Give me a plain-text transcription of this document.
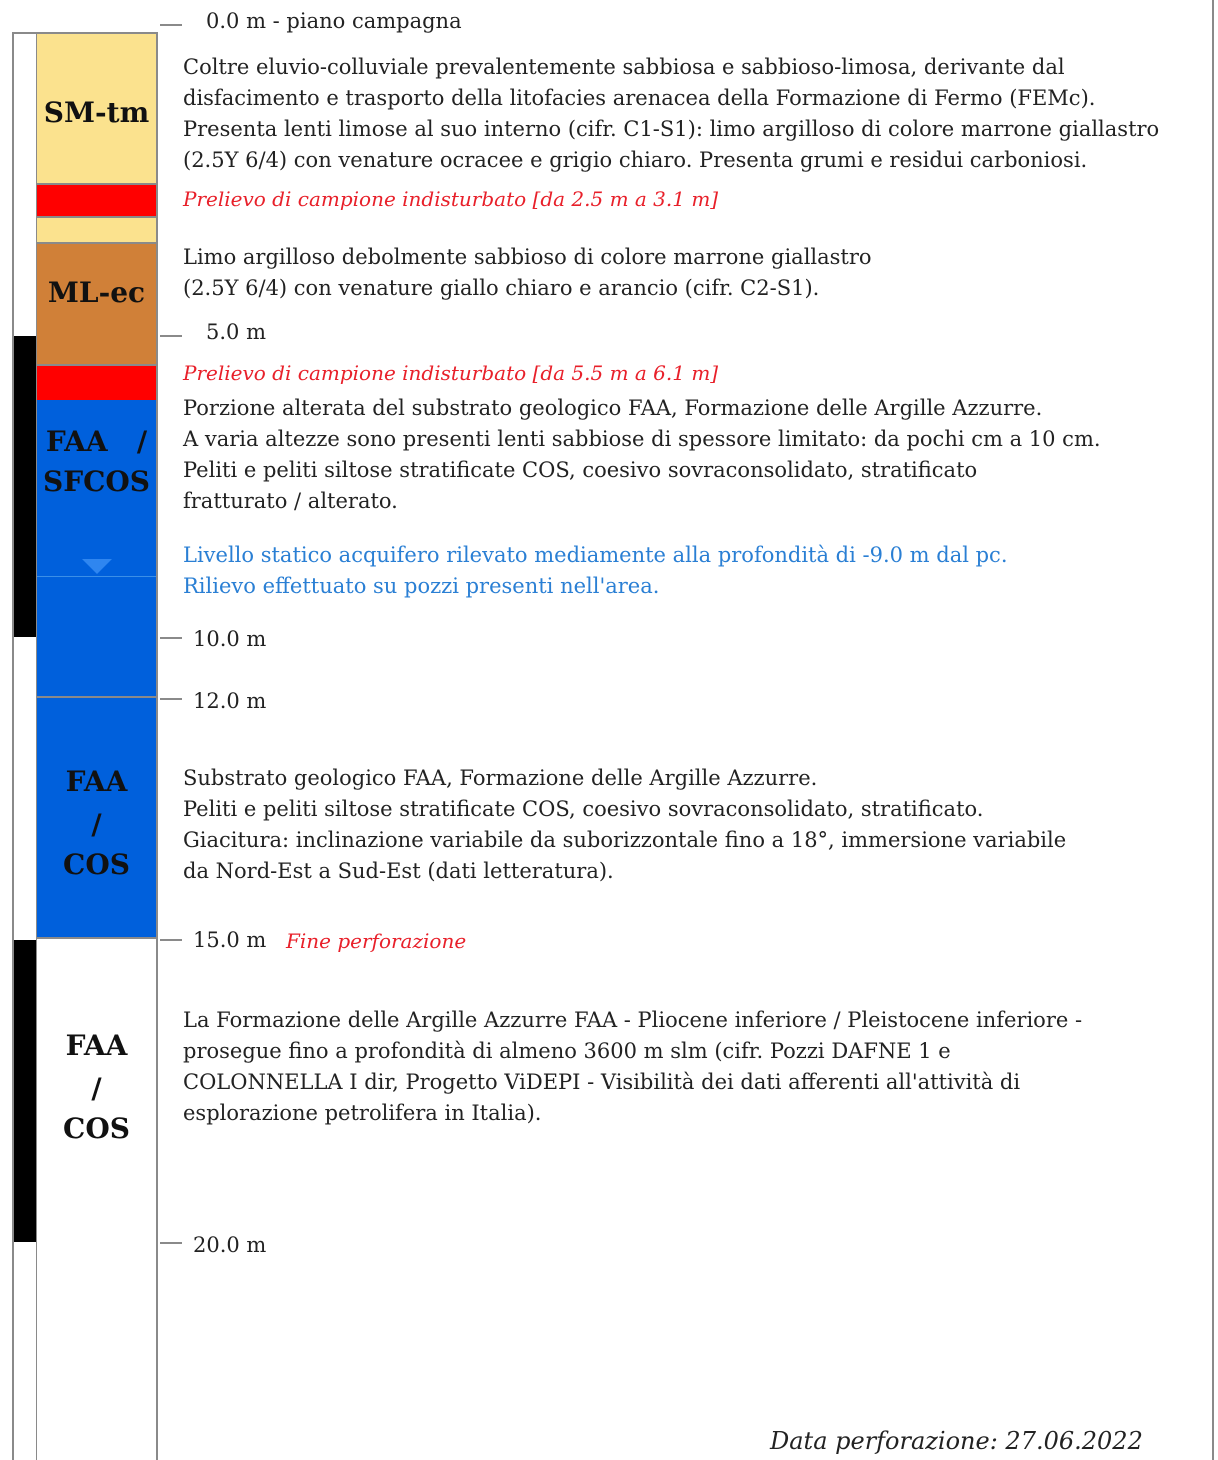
SM-tm
ML-ec
FAA   /
SFCOS
FAA
/
COS
FAA
/
COS
0.0 m - piano campagna
5.0 m
10.0 m
12.0 m
15.0 m Fine perforazione
20.0 m
Coltre eluvio-colluviale prevalentemente sabbiosa e sabbioso-limosa, derivante dal
disfacimento e trasporto della litofacies arenacea della Formazione di Fermo (FEMc).
Presenta lenti limose al suo interno (cifr. C1-S1): limo argilloso di colore marrone giallastro
(2.5Y 6/4) con venature ocracee e grigio chiaro. Presenta grumi e residui carboniosi.
Prelievo di campione indisturbato [da 2.5 m a 3.1 m]
Limo argilloso debolmente sabbioso di colore marrone giallastro
(2.5Y 6/4) con venature giallo chiaro e arancio (cifr. C2-S1).
Prelievo di campione indisturbato [da 5.5 m a 6.1 m]
Porzione alterata del substrato geologico FAA, Formazione delle Argille Azzurre.
A varia altezze sono presenti lenti sabbiose di spessore limitato: da pochi cm a 10 cm.
Peliti e peliti siltose stratificate COS, coesivo sovraconsolidato, stratificato
fratturato / alterato.
Livello statico acquifero rilevato mediamente alla profondità di -9.0 m dal pc.
Rilievo effettuato su pozzi presenti nell'area.
Substrato geologico FAA, Formazione delle Argille Azzurre.
Peliti e peliti siltose stratificate COS, coesivo sovraconsolidato, stratificato.
Giacitura: inclinazione variabile da suborizzontale fino a 18°, immersione variabile
da Nord-Est a Sud-Est (dati letteratura).
La Formazione delle Argille Azzurre FAA - Pliocene inferiore / Pleistocene inferiore -
prosegue fino a profondità di almeno 3600 m slm (cifr. Pozzi DAFNE 1 e
COLONNELLA I dir, Progetto ViDEPI - Visibilità dei dati afferenti all'attività di
esplorazione petrolifera in Italia).
Data perforazione: 27.06.2022
